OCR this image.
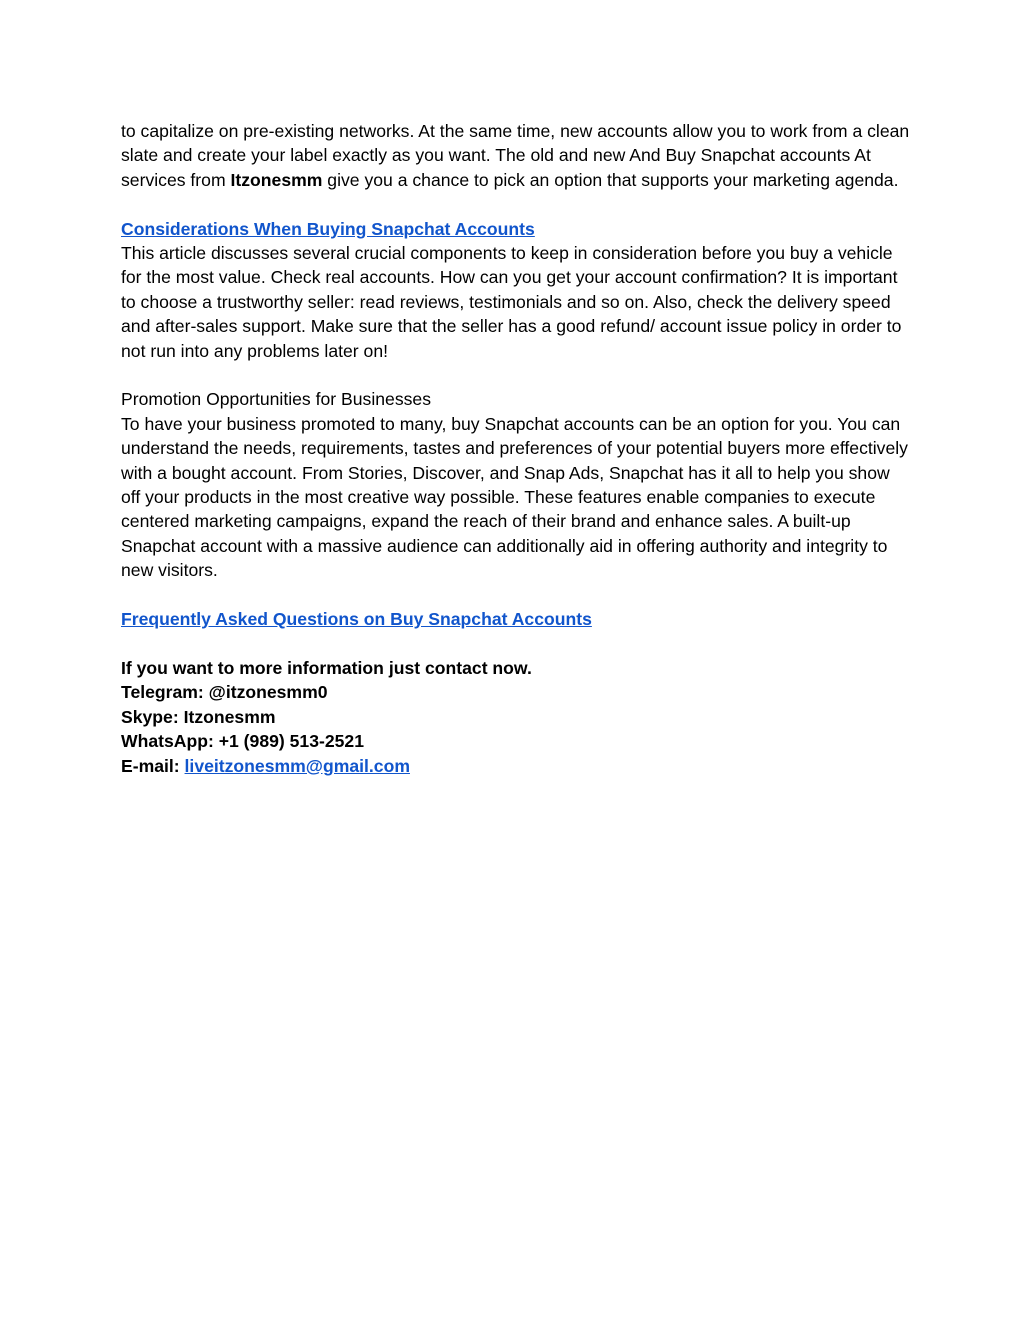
to capitalize on pre-existing networks. At the same time, new accounts allow you to work from a clean slate and create your label exactly as you want. The old and new And Buy Snapchat accounts At services from Itzonesmm give you a chance to pick an option that supports your marketing agenda.

Considerations When Buying Snapchat Accounts

This article discusses several crucial components to keep in consideration before you buy a vehicle for the most value. Check real accounts. How can you get your account confirmation? It is important to choose a trustworthy seller: read reviews, testimonials and so on. Also, check the delivery speed and after-sales support. Make sure that the seller has a good refund/ account issue policy in order to not run into any problems later on!

Promotion Opportunities for Businesses

To have your business promoted to many, buy Snapchat accounts can be an option for you. You can understand the needs, requirements, tastes and preferences of your potential buyers more effectively with a bought account. From Stories, Discover, and Snap Ads, Snapchat has it all to help you show off your products in the most creative way possible. These features enable companies to execute centered marketing campaigns, expand the reach of their brand and enhance sales. A built-up Snapchat account with a massive audience can additionally aid in offering authority and integrity to new visitors.

Frequently Asked Questions on Buy Snapchat Accounts
If you want to more information just contact now.
Telegram: @itzonesmm0
Skype: Itzonesmm
WhatsApp: +1 (989) 513-2521
E-mail: liveitzonesmm@gmail.com
